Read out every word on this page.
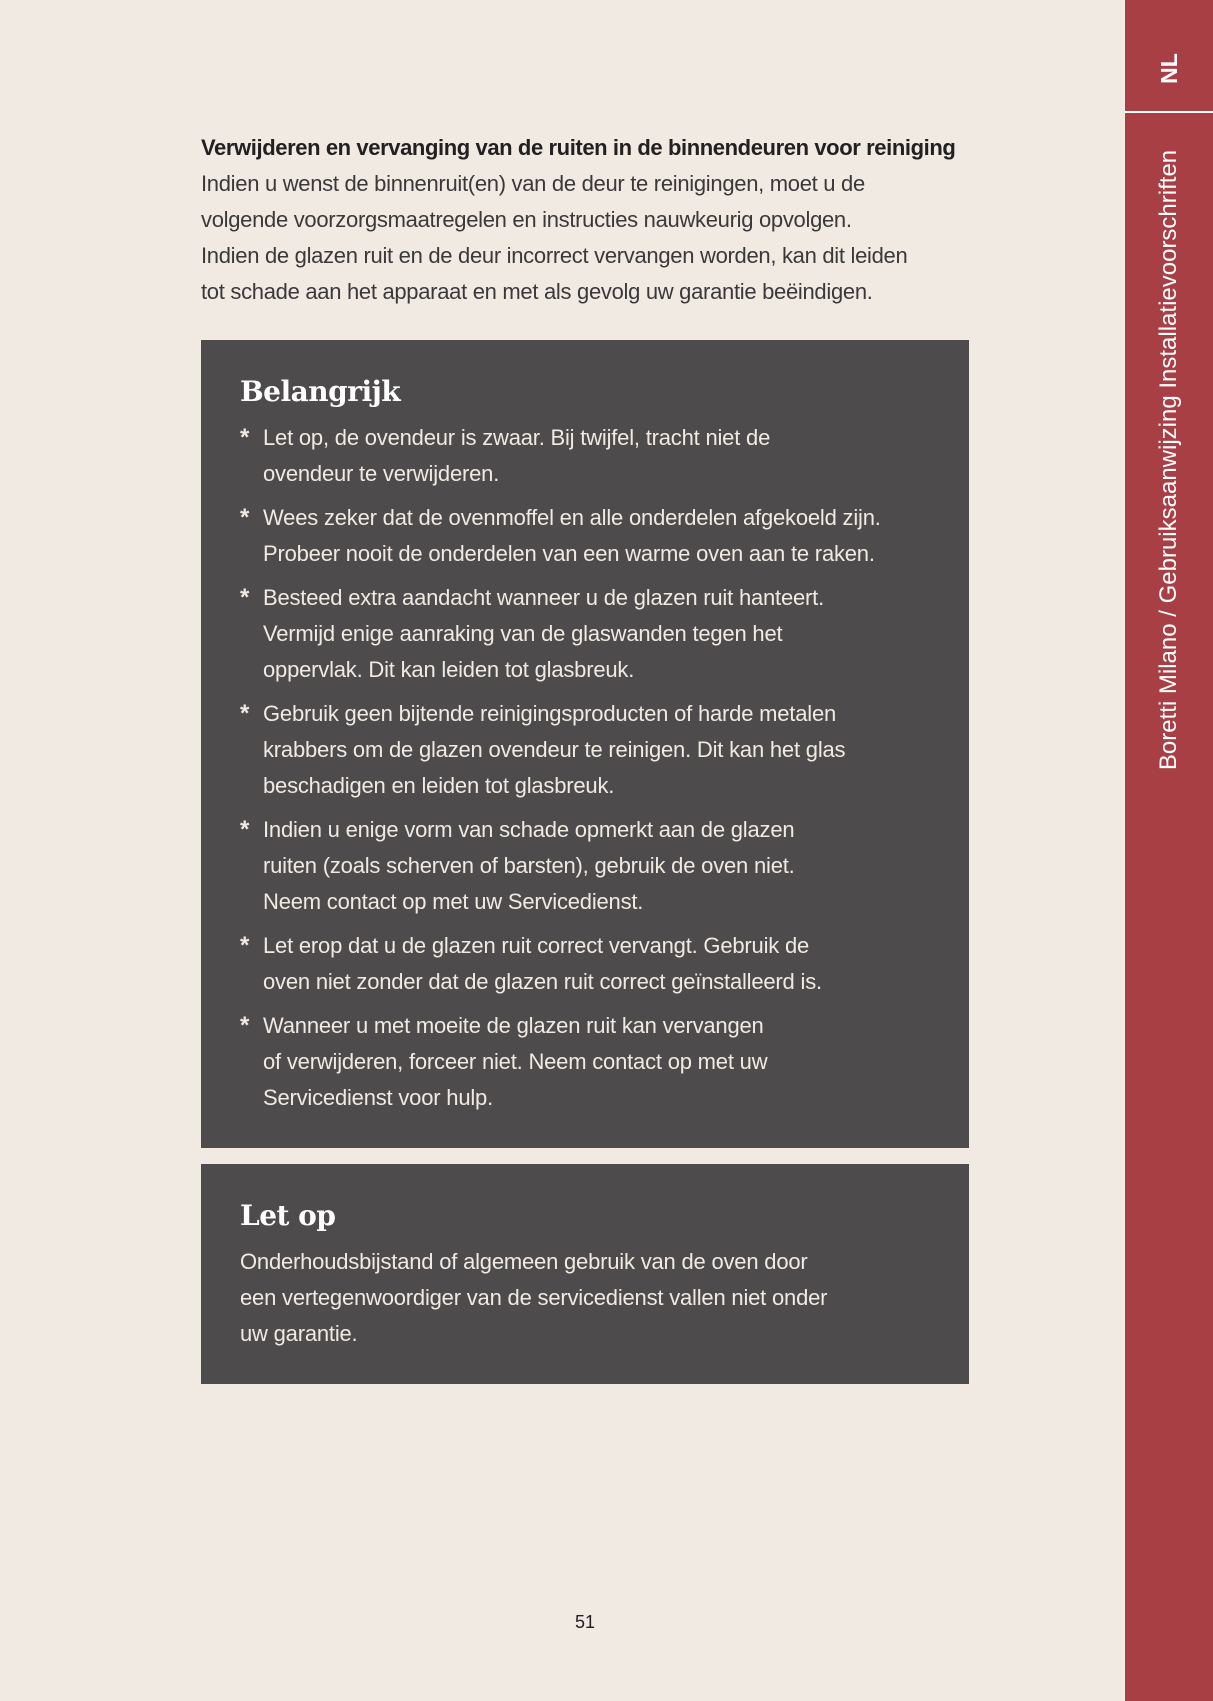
NL
Boretti Milano / Gebruiksaanwijzing Installatievoorschriften
Verwijderen en vervanging van de ruiten in de binnendeuren voor reiniging

Indien u wenst de binnenruit(en) van de deur te reinigingen, moet u de
volgende voorzorgsmaatregelen en instructies nauwkeurig opvolgen.
Indien de glazen ruit en de deur incorrect vervangen worden, kan dit leiden
tot schade aan het apparaat en met als gevolg uw garantie beëindigen.

Belangrijk
* Let op, de ovendeur is zwaar. Bij twijfel, tracht niet de
ovendeur te verwijderen.
* Wees zeker dat de ovenmoffel en alle onderdelen afgekoeld zijn.
Probeer nooit de onderdelen van een warme oven aan te raken.
* Besteed extra aandacht wanneer u de glazen ruit hanteert.
Vermijd enige aanraking van de glaswanden tegen het
oppervlak. Dit kan leiden tot glasbreuk.
* Gebruik geen bijtende reinigingsproducten of harde metalen
krabbers om de glazen ovendeur te reinigen. Dit kan het glas
beschadigen en leiden tot glasbreuk.
* Indien u enige vorm van schade opmerkt aan de glazen
ruiten (zoals scherven of barsten), gebruik de oven niet.
Neem contact op met uw Servicedienst.
* Let erop dat u de glazen ruit correct vervangt. Gebruik de
oven niet zonder dat de glazen ruit correct geïnstalleerd is.
* Wanneer u met moeite de glazen ruit kan vervangen
of verwijderen, forceer niet. Neem contact op met uw
Servicedienst voor hulp.
Let op

Onderhoudsbijstand of algemeen gebruik van de oven door
een vertegenwoordiger van de servicedienst vallen niet onder
uw garantie.

51
